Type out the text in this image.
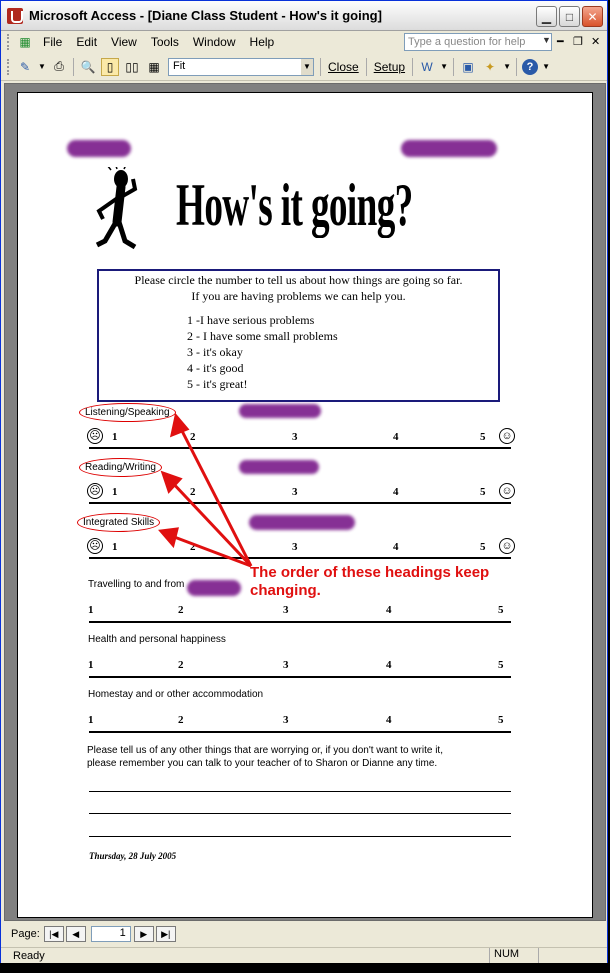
Microsoft Access - [Diane Class Student - How's it going]	▁	□	✕
▦	File	Edit	View	Tools	Window	Help	Type a question for help	▼ ━ ❐ ✕
✎	▼ ⎙	🔍 ▯	▯▯ ▦	Fit	▼	Close	Setup	W ▼ ▣ ✦	▼	?	▼
How's it going?
Please circle the number to tell us about how things are going so far.
If you are having problems we can help you.
1 -I have serious problems
2 - I have some small problems
3 - it's okay
4 - it's good
5 - it's great!
Listening/Speaking
☹	☺
1	2	3	4	5
Reading/Writing
☹	☺
1	2	3	4	5
Integrated Skills
☹	☺
1	2	3	4	5
Travelling to and from
1	2	3	4	5
Health and personal happiness
1	2	3	4	5
Homestay and or other accommodation
1	2	3	4	5
Please tell us of any other things that are worrying or, if you don't want to write it,
please remember you can talk to your teacher of to Sharon or Dianne any time.
Thursday, 28 July 2005
The order of these headings keep changing.
Page:	|◀	◀	1	▶	▶|
Ready	NUM
